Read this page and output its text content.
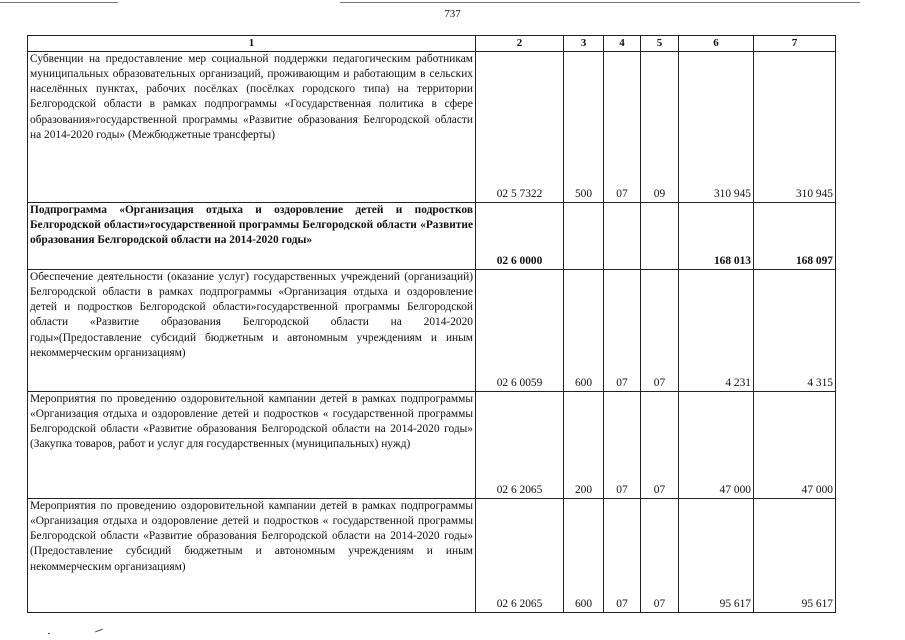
737
1	2	3	4	5	6	7
Субвенции на предоставление мер социальной поддержки педагогическим работникам муниципальных образовательных организаций, проживающим и работающим в сельских населённых пунктах, рабочих посёлках (посёлках городского типа) на территории Белгородской области в рамках подпрограммы «Государственная политика в сфере образования»государственной программы «Развитие образования Белгородской области на 2014-2020 годы» (Межбюджетные трансферты)	02 5 7322	500	07	09	310 945	310 945
Подпрограмма «Организация отдыха и оздоровление детей и подростков Белгородской области»государственной программы Белгородской области «Развитие образования Белгородской области на 2014-2020 годы»	02 6 0000				168 013	168 097
Обеспечение деятельности (оказание услуг) государственных учреждений (организаций) Белгородской области в рамках подпрограммы «Организация отдыха и оздоровление детей и подростков Белгородской области»государственной программы Белгородской области «Развитие образования Белгородской области на 2014-2020 годы»(Предоставление субсидий бюджетным и автономным учреждениям и иным некоммерческим организациям)	02 6 0059	600	07	07	4 231	4 315
Мероприятия по проведению оздоровительной кампании детей в рамках подпрограммы «Организация отдыха и оздоровление детей и подростков « государственной программы Белгородской области «Развитие образования Белгородской области на 2014-2020 годы» (Закупка товаров, работ и услуг для государственных (муниципальных) нужд)	02 6 2065	200	07	07	47 000	47 000
Мероприятия по проведению оздоровительной кампании детей в рамках подпрограммы «Организация отдыха и оздоровление детей и подростков « государственной программы Белгородской области «Развитие образования Белгородской области на 2014-2020 годы» (Предоставление субсидий бюджетным и автономным учреждениям и иным некоммерческим организациям)	02 6 2065	600	07	07	95 617	95 617
